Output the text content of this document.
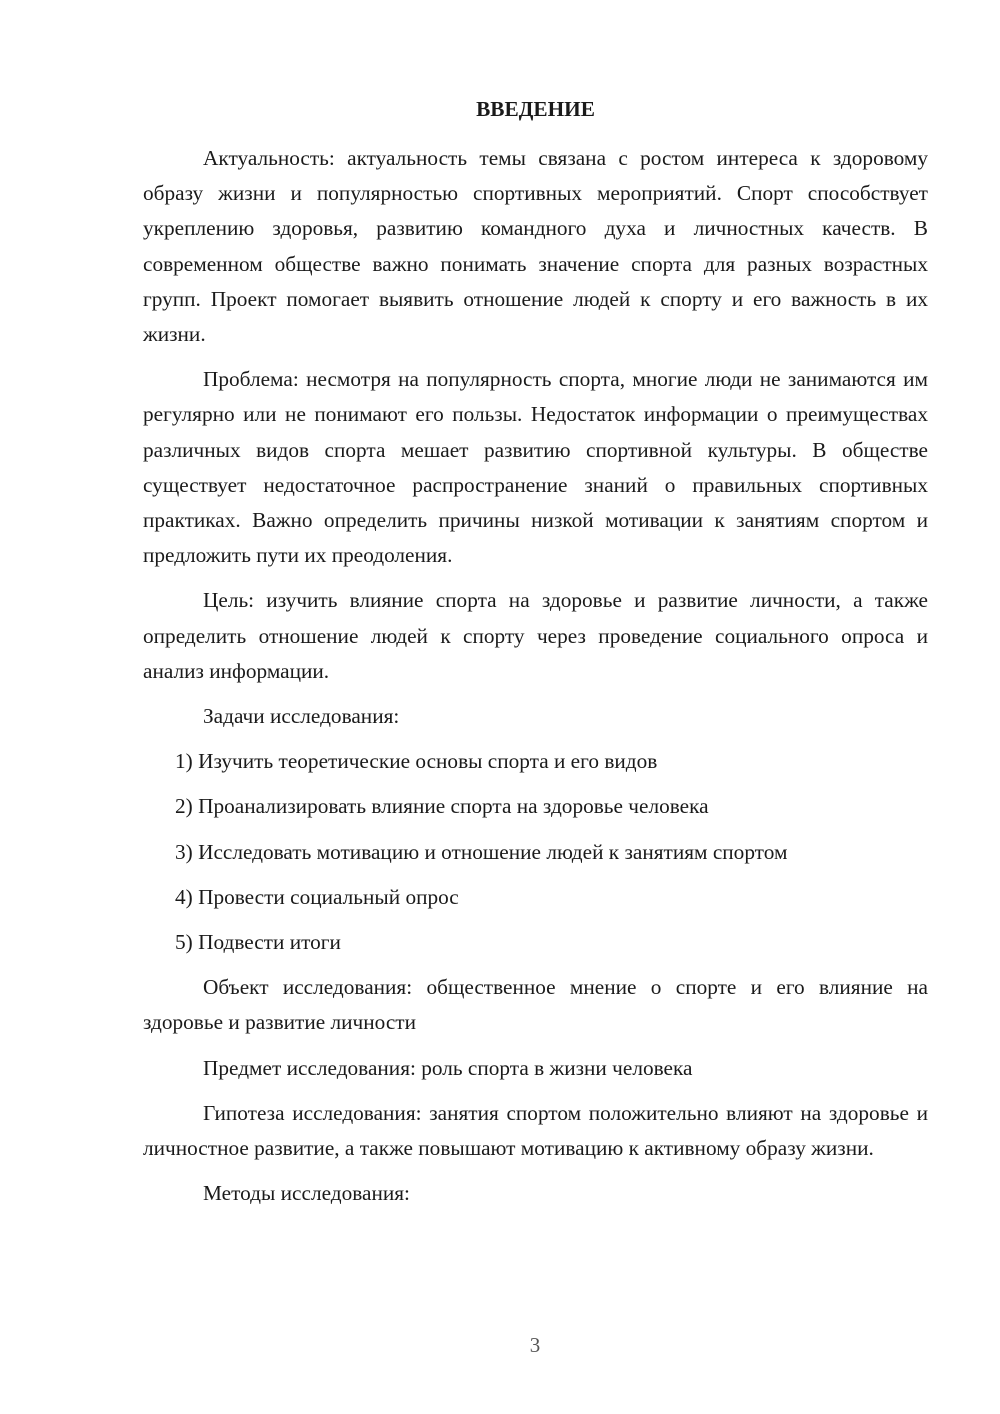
ВВЕДЕНИЕ

Актуальность: актуальность темы связана с ростом интереса к здоровому образу жизни и популярностью спортивных мероприятий. Спорт способствует укреплению здоровья, развитию командного духа и личностных качеств. В современном обществе важно понимать значение спорта для разных возрастных групп. Проект помогает выявить отношение людей к спорту и его важность в их жизни.

Проблема: несмотря на популярность спорта, многие люди не занимаются им регулярно или не понимают его пользы. Недостаток информации о преимуществах различных видов спорта мешает развитию спортивной культуры. В обществе существует недостаточное распространение знаний о правильных спортивных практиках. Важно определить причины низкой мотивации к занятиям спортом и предложить пути их преодоления.

Цель: изучить влияние спорта на здоровье и развитие личности, а также определить отношение людей к спорту через проведение социального опроса и анализ информации.

Задачи исследования:

1) Изучить теоретические основы спорта и его видов
2) Проанализировать влияние спорта на здоровье человека
3) Исследовать мотивацию и отношение людей к занятиям спортом
4) Провести социальный опрос
5) Подвести итоги

Объект исследования: общественное мнение о спорте и его влияние на здоровье и развитие личности

Предмет исследования: роль спорта в жизни человека

Гипотеза исследования: занятия спортом положительно влияют на здоровье и личностное развитие, а также повышают мотивацию к активному образу жизни.

Методы исследования:

3
